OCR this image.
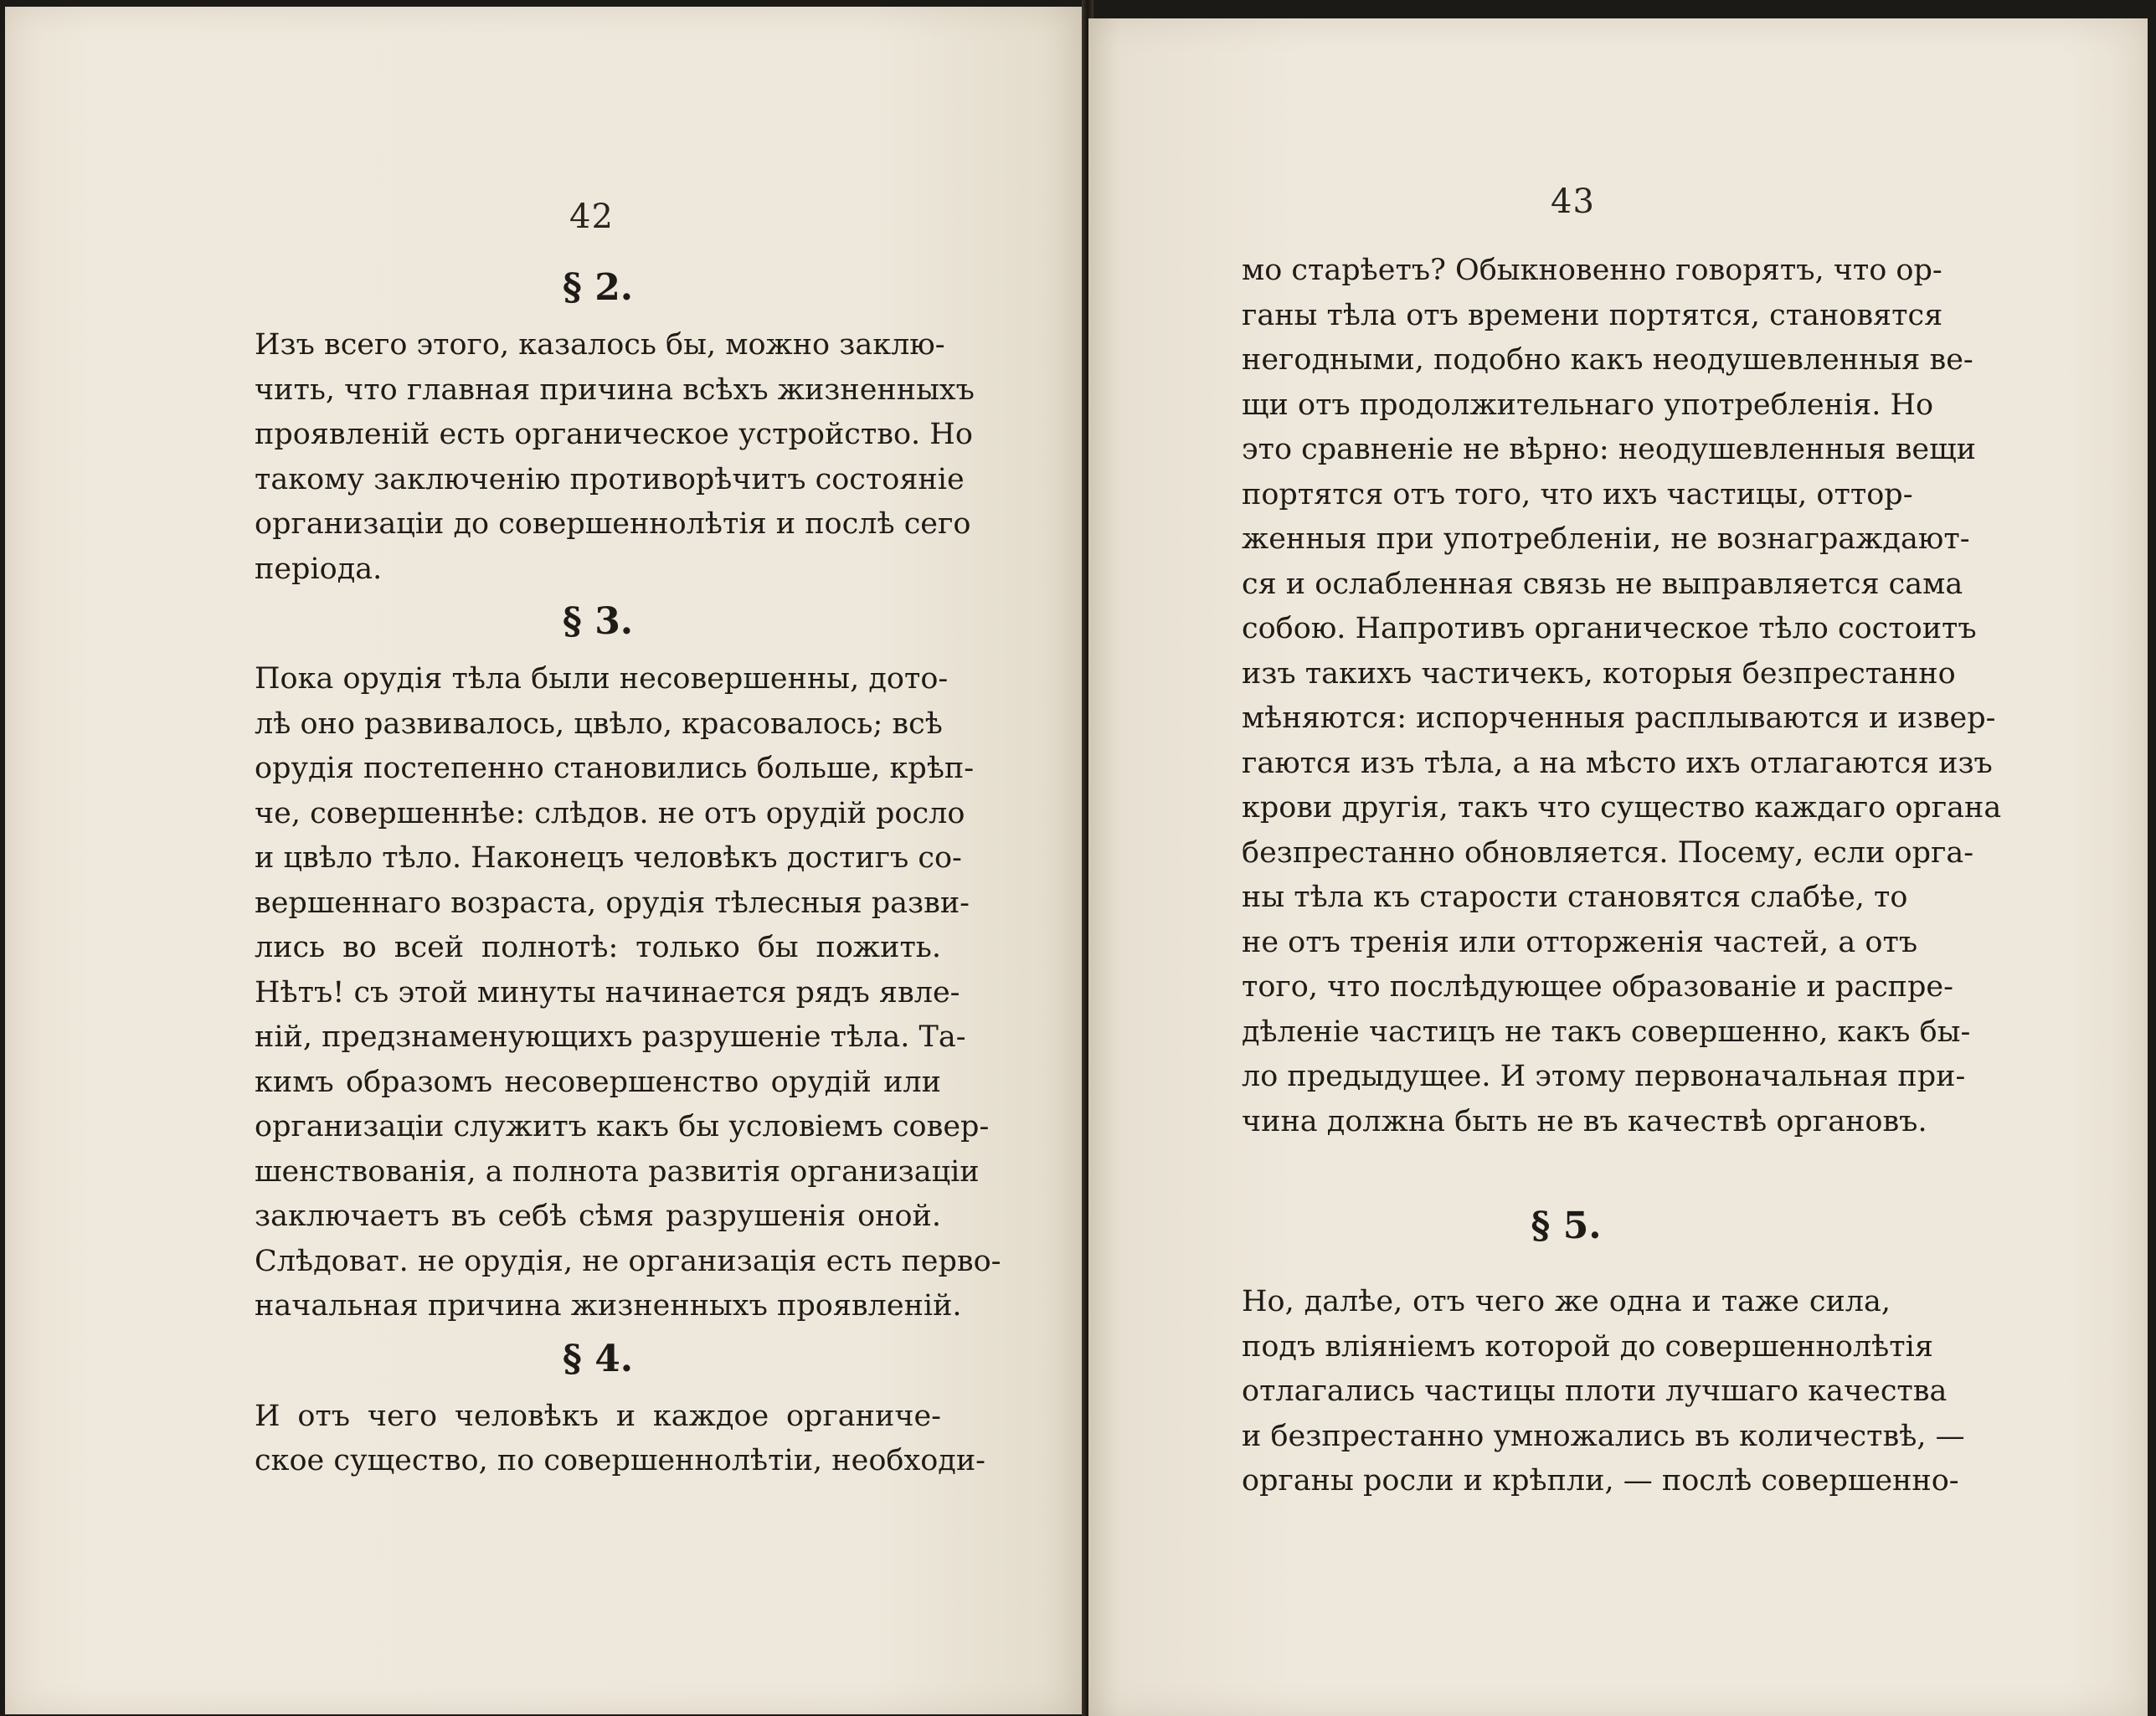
42
§ 2.
Изъ всего этого, казалось бы, можно заклю-
чить, что главная причина всѣхъ жизненныхъ
проявленій есть органическое устройство. Но
такому заключенію противорѣчитъ состояніе
организаціи до совершеннолѣтія и послѣ сего
періода.
§ 3.
Пока орудія тѣла были несовершенны, дото-
лѣ оно развивалось, цвѣло, красовалось; всѣ
орудія постепенно становились больше, крѣп-
че, совершеннѣе: слѣдов. не отъ орудій росло
и цвѣло тѣло. Наконецъ человѣкъ достигъ со-
вершеннаго возраста, орудія тѣлесныя разви-
лись во всей полнотѣ: только бы пожить.
Нѣтъ! съ этой минуты начинается рядъ явле-
ній, предзнаменующихъ разрушеніе тѣла. Та-
кимъ образомъ несовершенство орудій или
организаціи служитъ какъ бы условіемъ совер-
шенствованія, а полнота развитія организаціи
заключаетъ въ себѣ сѣмя разрушенія оной.
Слѣдоват. не орудія, не организація есть перво-
начальная причина жизненныхъ проявленій.
§ 4.
И отъ чего человѣкъ и каждое органиче-
ское существо, по совершеннолѣтіи, необходи-
43
мо старѣетъ? Обыкновенно говорятъ, что ор-
ганы тѣла отъ времени портятся, становятся
негодными, подобно какъ неодушевленныя ве-
щи отъ продолжительнаго употребленія. Но
это сравненіе не вѣрно: неодушевленныя вещи
портятся отъ того, что ихъ частицы, оттор-
женныя при употребленіи, не вознаграждают-
ся и ослабленная связь не выправляется сама
собою. Напротивъ органическое тѣло состоитъ
изъ такихъ частичекъ, которыя безпрестанно
мѣняются: испорченныя расплываются и извер-
гаются изъ тѣла, а на мѣсто ихъ отлагаются изъ
крови другія, такъ что существо каждаго органа
безпрестанно обновляется. Посему, если орга-
ны тѣла къ старости становятся слабѣе, то
не отъ тренія или отторженія частей, а отъ
того, что послѣдующее образованіе и распре-
дѣленіе частицъ не такъ совершенно, какъ бы-
ло предыдущее. И этому первоначальная при-
чина должна быть не въ качествѣ органовъ.
§ 5.
Но, далѣе, отъ чего же одна и таже сила,
подъ вліяніемъ которой до совершеннолѣтія
отлагались частицы плоти лучшаго качества
и безпрестанно умножались въ количествѣ, —
органы росли и крѣпли, — послѣ совершенно-
